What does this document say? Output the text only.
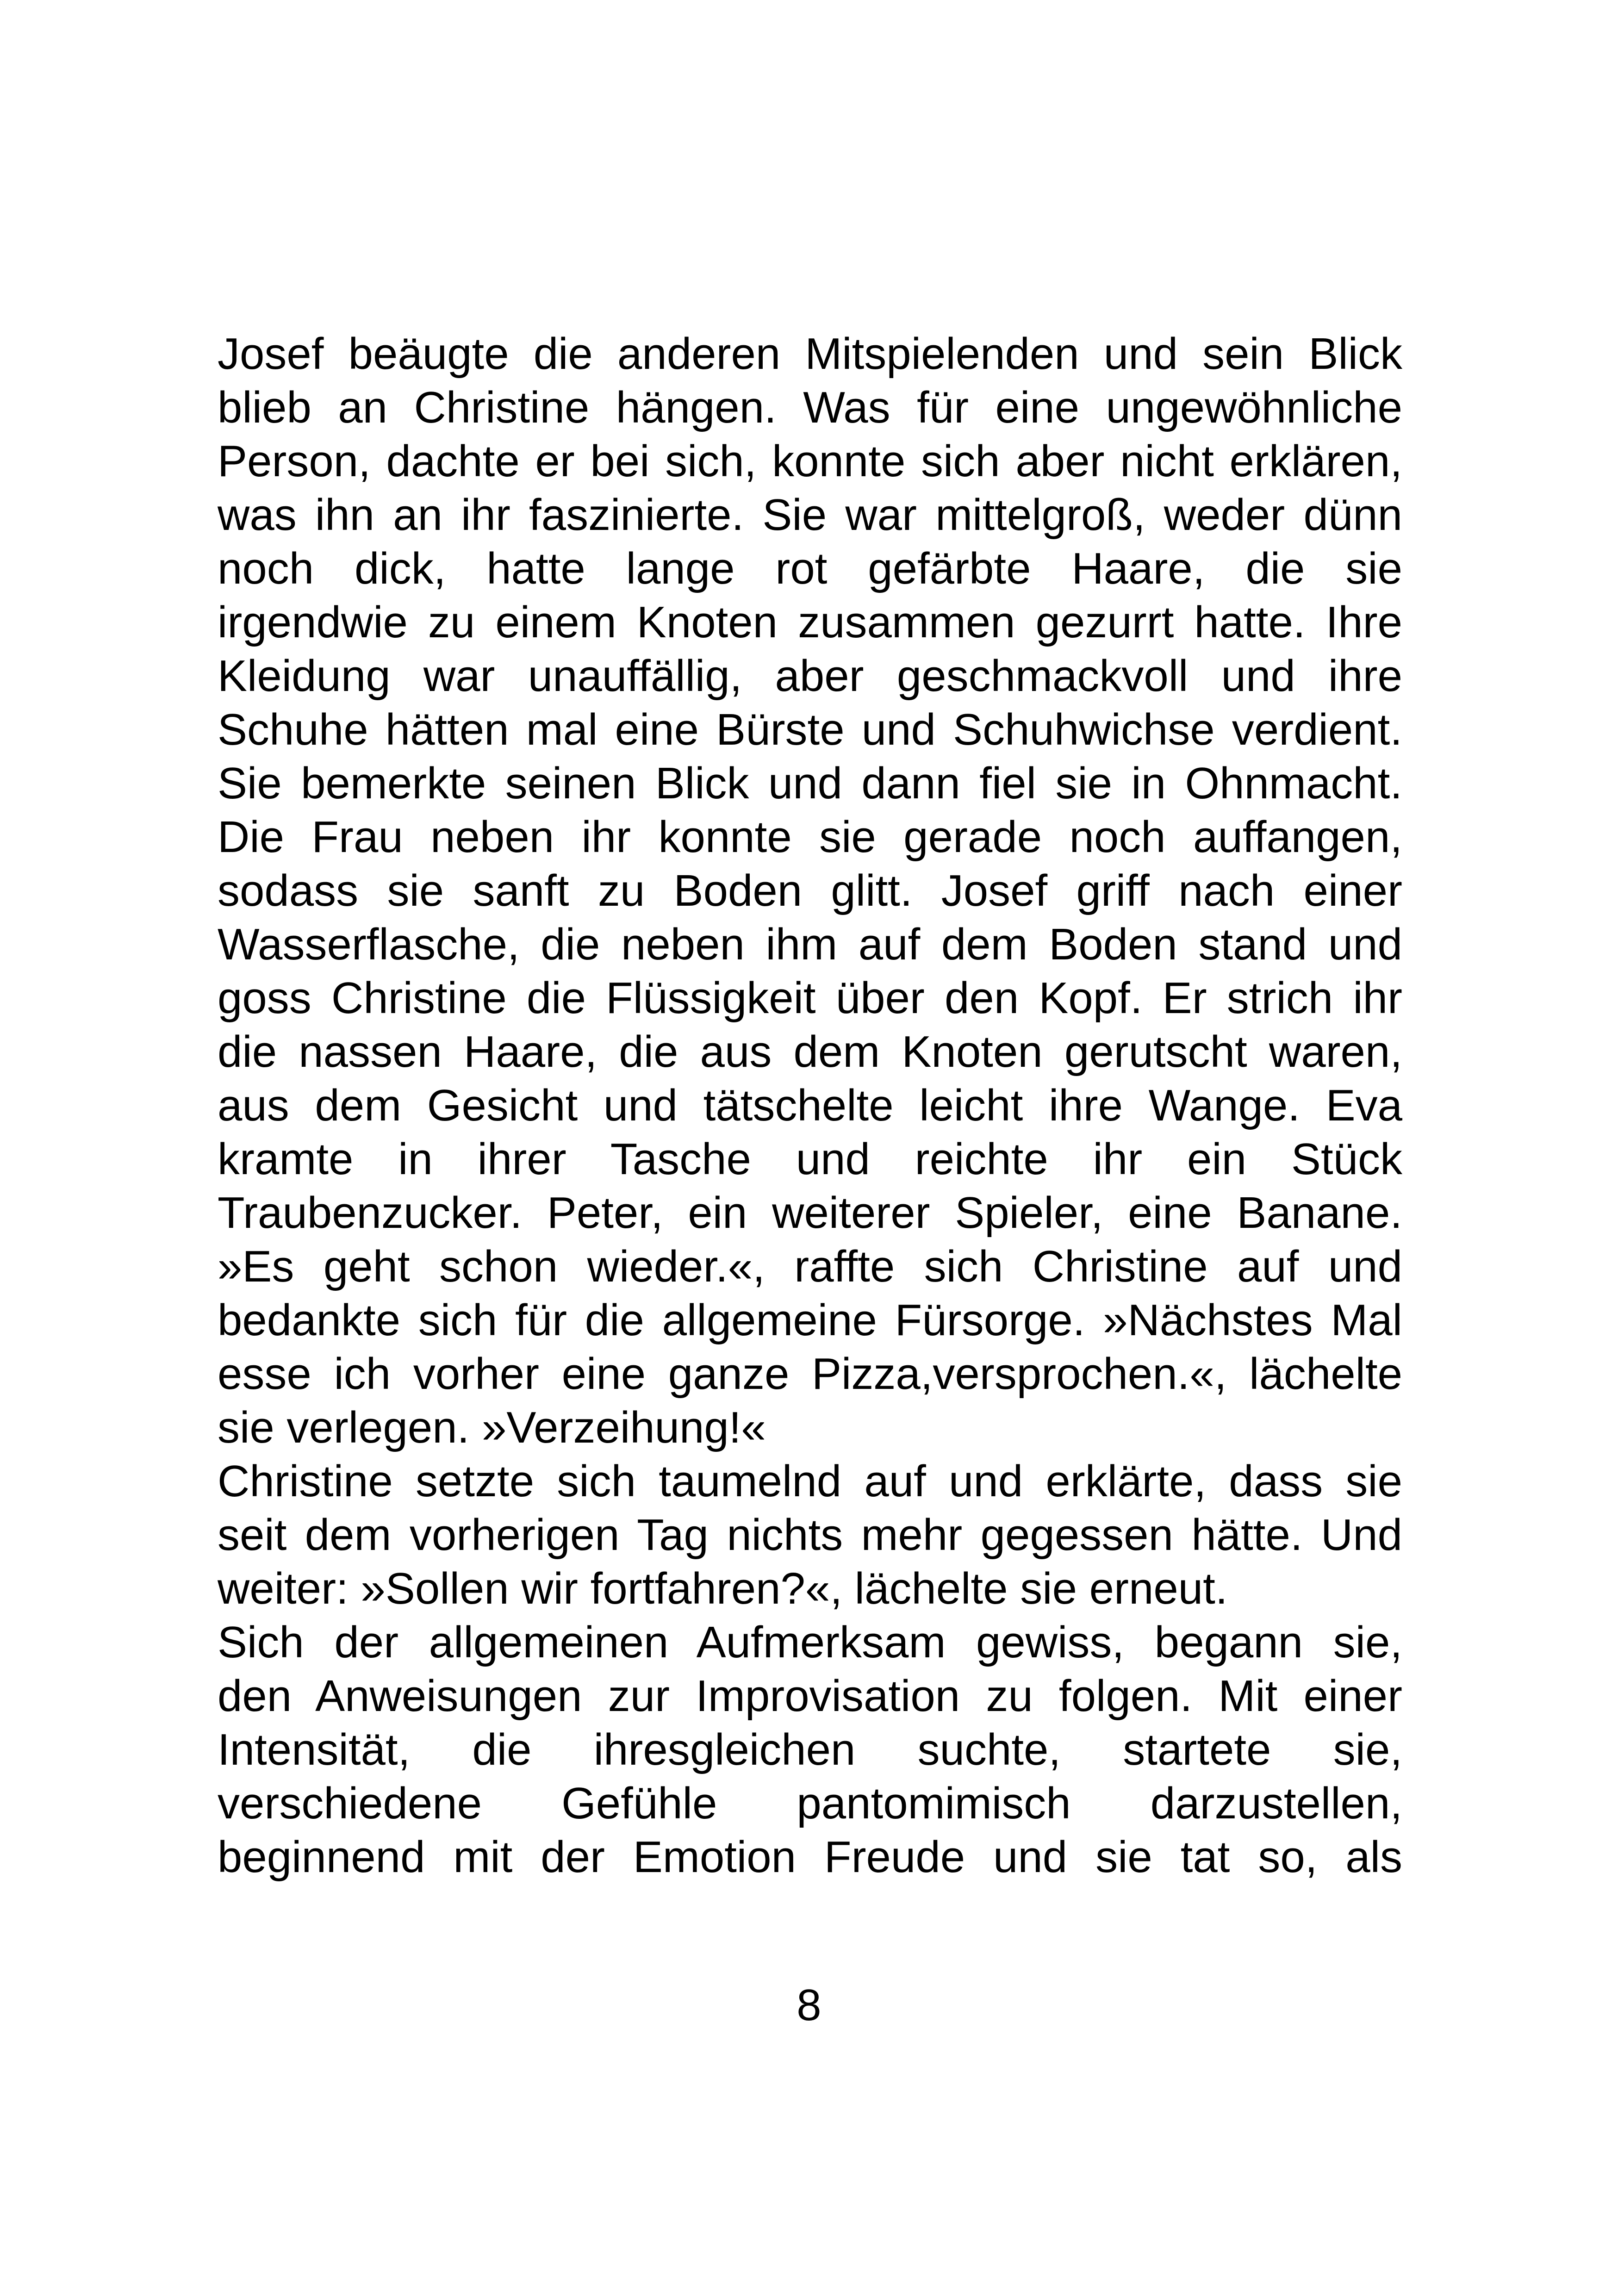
Josef beäugte die anderen Mitspielenden und sein Blick
blieb an Christine hängen. Was für eine ungewöhnliche
Person, dachte er bei sich, konnte sich aber nicht erklären,
was ihn an ihr faszinierte. Sie war mittelgroß, weder dünn
noch dick, hatte lange rot gefärbte Haare, die sie
irgendwie zu einem Knoten zusammen gezurrt hatte. Ihre
Kleidung war unauffällig, aber geschmackvoll und ihre
Schuhe hätten mal eine Bürste und Schuhwichse verdient.
Sie bemerkte seinen Blick und dann fiel sie in Ohnmacht.
Die Frau neben ihr konnte sie gerade noch auffangen,
sodass sie sanft zu Boden glitt. Josef griff nach einer
Wasserflasche, die neben ihm auf dem Boden stand und
goss Christine die Flüssigkeit über den Kopf. Er strich ihr
die nassen Haare, die aus dem Knoten gerutscht waren,
aus dem Gesicht und tätschelte leicht ihre Wange. Eva
kramte in ihrer Tasche und reichte ihr ein Stück
Traubenzucker. Peter, ein weiterer Spieler, eine Banane.
»Es geht schon wieder.«, raffte sich Christine auf und
bedankte sich für die allgemeine Fürsorge. »Nächstes Mal
esse ich vorher eine ganze Pizza,versprochen.«, lächelte
sie verlegen. »Verzeihung!«
Christine setzte sich taumelnd auf und erklärte, dass sie
seit dem vorherigen Tag nichts mehr gegessen hätte. Und
weiter: »Sollen wir fortfahren?«, lächelte sie erneut.
Sich der allgemeinen Aufmerksam gewiss, begann sie,
den Anweisungen zur Improvisation zu folgen. Mit einer
Intensität, die ihresgleichen suchte, startete sie,
verschiedene Gefühle pantomimisch darzustellen,
beginnend mit der Emotion Freude und sie tat so, als
8
